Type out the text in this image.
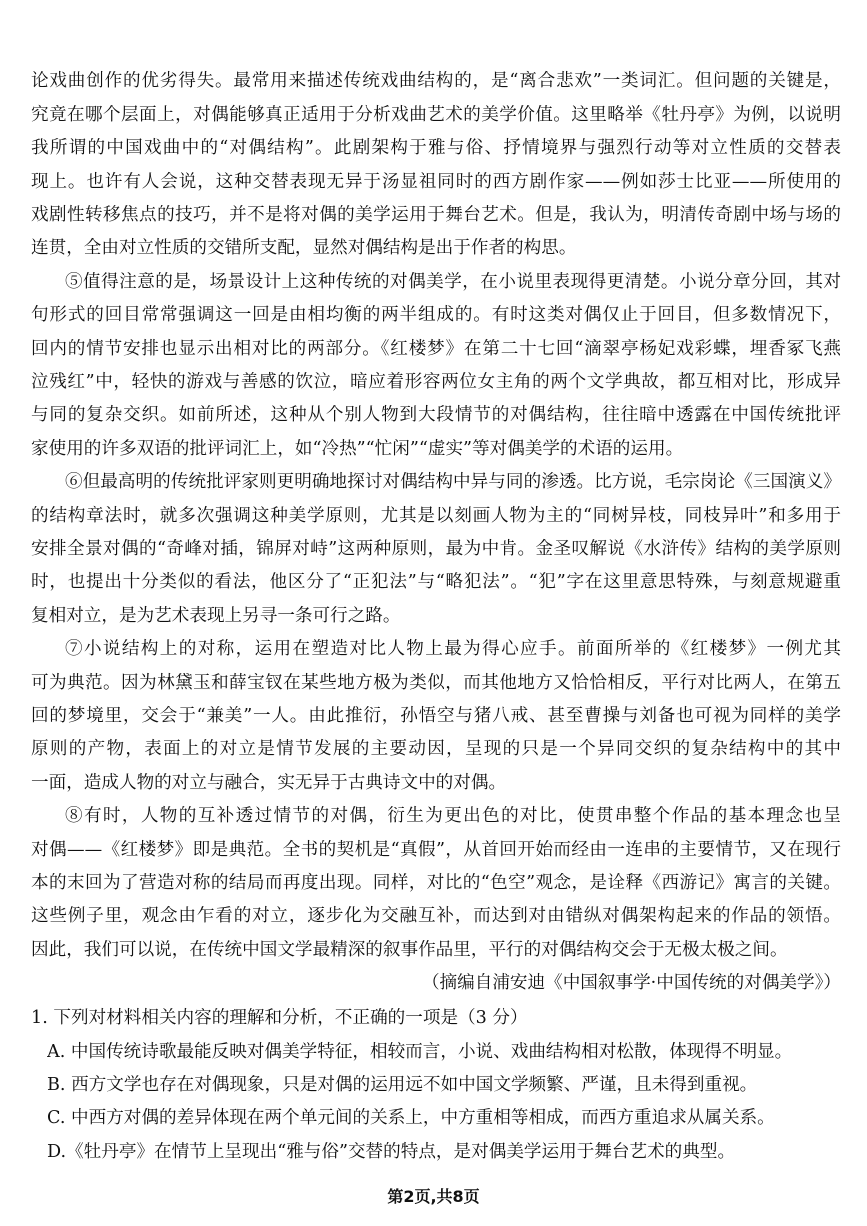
论戏曲创作的优劣得失。最常用来描述传统戏曲结构的，是“离合悲欢”一类词汇。但问题的关键是，
究竟在哪个层面上，对偶能够真正适用于分析戏曲艺术的美学价值。这里略举《牡丹亭》为例，以说明
我所谓的中国戏曲中的“对偶结构”。此剧架构于雅与俗、抒情境界与强烈行动等对立性质的交替表
现上。也许有人会说，这种交替表现无异于汤显祖同时的西方剧作家——例如莎士比亚——所使用的
戏剧性转移焦点的技巧，并不是将对偶的美学运用于舞台艺术。但是，我认为，明清传奇剧中场与场的
连贯，全由对立性质的交错所支配，显然对偶结构是出于作者的构思。
⑤值得注意的是，场景设计上这种传统的对偶美学，在小说里表现得更清楚。小说分章分回，其对
句形式的回目常常强调这一回是由相均衡的两半组成的。有时这类对偶仅止于回目，但多数情况下，
回内的情节安排也显示出相对比的两部分。《红楼梦》在第二十七回“滴翠亭杨妃戏彩蝶，埋香冢飞燕
泣残红”中，轻快的游戏与善感的饮泣，暗应着形容两位女主角的两个文学典故，都互相对比，形成异
与同的复杂交织。如前所述，这种从个别人物到大段情节的对偶结构，往往暗中透露在中国传统批评
家使用的许多双语的批评词汇上，如“冷热”“忙闲”“虚实”等对偶美学的术语的运用。
⑥但最高明的传统批评家则更明确地探讨对偶结构中异与同的渗透。比方说，毛宗岗论《三国演义》
的结构章法时，就多次强调这种美学原则，尤其是以刻画人物为主的“同树异枝，同枝异叶”和多用于
安排全景对偶的“奇峰对插，锦屏对峙”这两种原则，最为中肯。金圣叹解说《水浒传》结构的美学原则
时，也提出十分类似的看法，他区分了“正犯法”与“略犯法”。“犯”字在这里意思特殊，与刻意规避重
复相对立，是为艺术表现上另寻一条可行之路。
⑦小说结构上的对称，运用在塑造对比人物上最为得心应手。前面所举的《红楼梦》一例尤其
可为典范。因为林黛玉和薛宝钗在某些地方极为类似，而其他地方又恰恰相反，平行对比两人，在第五
回的梦境里，交会于“兼美”一人。由此推衍，孙悟空与猪八戒、甚至曹操与刘备也可视为同样的美学
原则的产物，表面上的对立是情节发展的主要动因，呈现的只是一个异同交织的复杂结构中的其中
一面，造成人物的对立与融合，实无异于古典诗文中的对偶。
⑧有时，人物的互补透过情节的对偶，衍生为更出色的对比，使贯串整个作品的基本理念也呈
对偶——《红楼梦》即是典范。全书的契机是“真假”，从首回开始而经由一连串的主要情节，又在现行
本的末回为了营造对称的结局而再度出现。同样，对比的“色空”观念，是诠释《西游记》寓言的关键。
这些例子里，观念由乍看的对立，逐步化为交融互补，而达到对由错纵对偶架构起来的作品的领悟。
因此，我们可以说，在传统中国文学最精深的叙事作品里，平行的对偶结构交会于无极太极之间。
（摘编自浦安迪《中国叙事学·中国传统的对偶美学》）
1. 下列对材料相关内容的理解和分析，不正确的一项是（3 分）
A. 中国传统诗歌最能反映对偶美学特征，相较而言，小说、戏曲结构相对松散，体现得不明显。
B. 西方文学也存在对偶现象，只是对偶的运用远不如中国文学频繁、严谨，且未得到重视。
C. 中西方对偶的差异体现在两个单元间的关系上，中方重相等相成，而西方重追求从属关系。
D.《牡丹亭》在情节上呈现出“雅与俗”交替的特点，是对偶美学运用于舞台艺术的典型。
第2页,共8页
